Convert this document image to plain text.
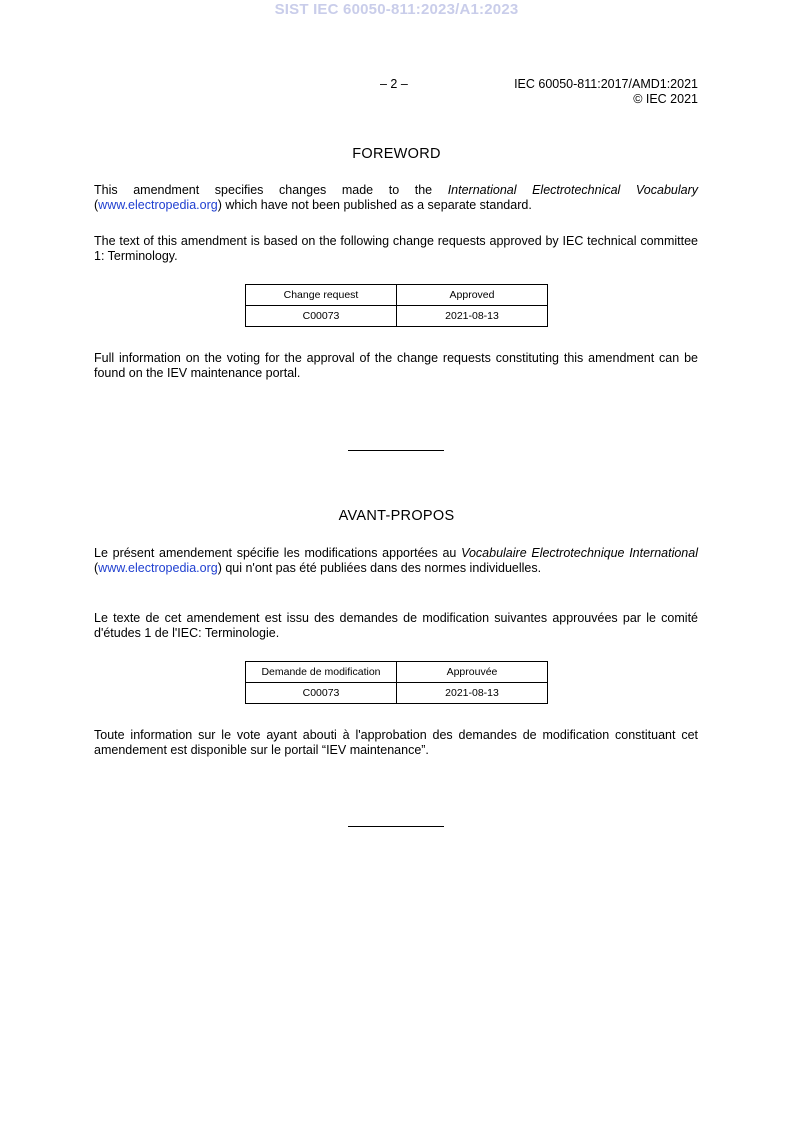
SIST IEC 60050-811:2023/A1:2023
– 2 –	IEC 60050-811:2017/AMD1:2021
© IEC 2021
FOREWORD

This amendment specifies changes made to the International Electrotechnical Vocabulary (www.electropedia.org) which have not been published as a separate standard.

The text of this amendment is based on the following change requests approved by IEC technical committee 1: Terminology.

Change request	Approved
C00073	2021-08-13

Full information on the voting for the approval of the change requests constituting this amendment can be found on the IEV maintenance portal.

AVANT-PROPOS

Le présent amendement spécifie les modifications apportées au Vocabulaire Electrotechnique International (www.electropedia.org) qui n'ont pas été publiées dans des normes individuelles.

Le texte de cet amendement est issu des demandes de modification suivantes approuvées par le comité d'études 1 de l'IEC: Terminologie.

Demande de modification	Approuvée
C00073	2021-08-13

Toute information sur le vote ayant abouti à l'approbation des demandes de modification constituant cet amendement est disponible sur le portail “IEV maintenance”.
